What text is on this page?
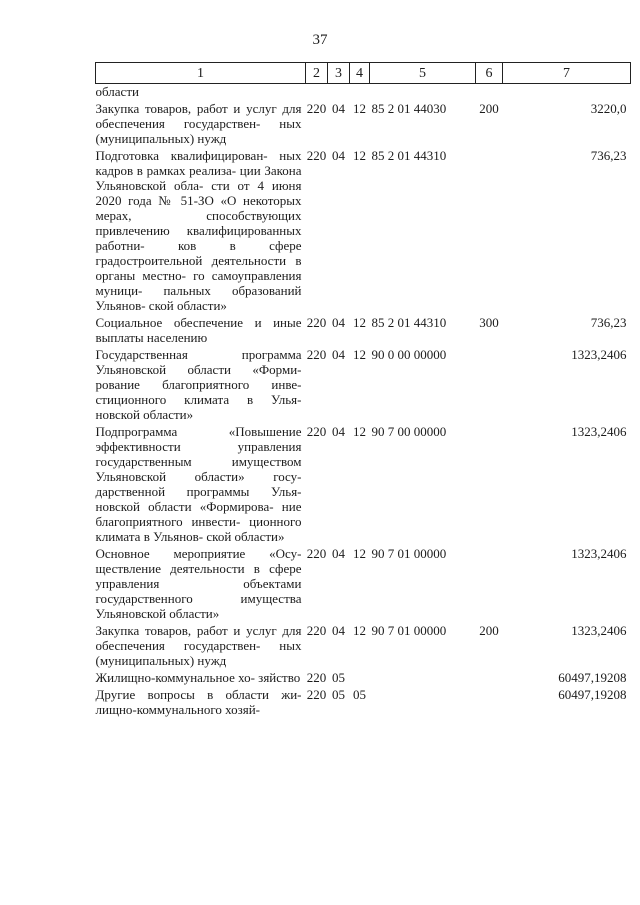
37
1	2	3	4	5	6	7
области						
Закупка товаров, работ и услуг для обеспечения государствен- ных (муниципальных) нужд	220	04	12	85 2 01 44030	200	3220,0
Подготовка квалифицирован- ных кадров в рамках реализа- ции Закона Ульяновской обла- сти от 4 июня 2020 года № 51-ЗО «О некоторых мерах, способствующих привлечению квалифицированных работни- ков в сфере градостроительной деятельности в органы местно- го самоуправления муници- пальных образований Ульянов- ской области»	220	04	12	85 2 01 44310		736,23
Социальное обеспечение и иные выплаты населению	220	04	12	85 2 01 44310	300	736,23
Государственная программа Ульяновской области «Форми- рование благоприятного инве- стиционного климата в Улья- новской области»	220	04	12	90 0 00 00000		1323,2406
Подпрограмма «Повышение эффективности управления государственным имуществом Ульяновской области» госу- дарственной программы Улья- новской области «Формирова- ние благоприятного инвести- ционного климата в Ульянов- ской области»	220	04	12	90 7 00 00000		1323,2406
Основное мероприятие «Осу- ществление деятельности в сфере управления объектами государственного имущества Ульяновской области»	220	04	12	90 7 01 00000		1323,2406
Закупка товаров, работ и услуг для обеспечения государствен- ных (муниципальных) нужд	220	04	12	90 7 01 00000	200	1323,2406
Жилищно-коммунальное хо- зяйство	220	05				60497,19208
Другие вопросы в области жи- лищно-коммунального хозяй-	220	05	05			60497,19208
